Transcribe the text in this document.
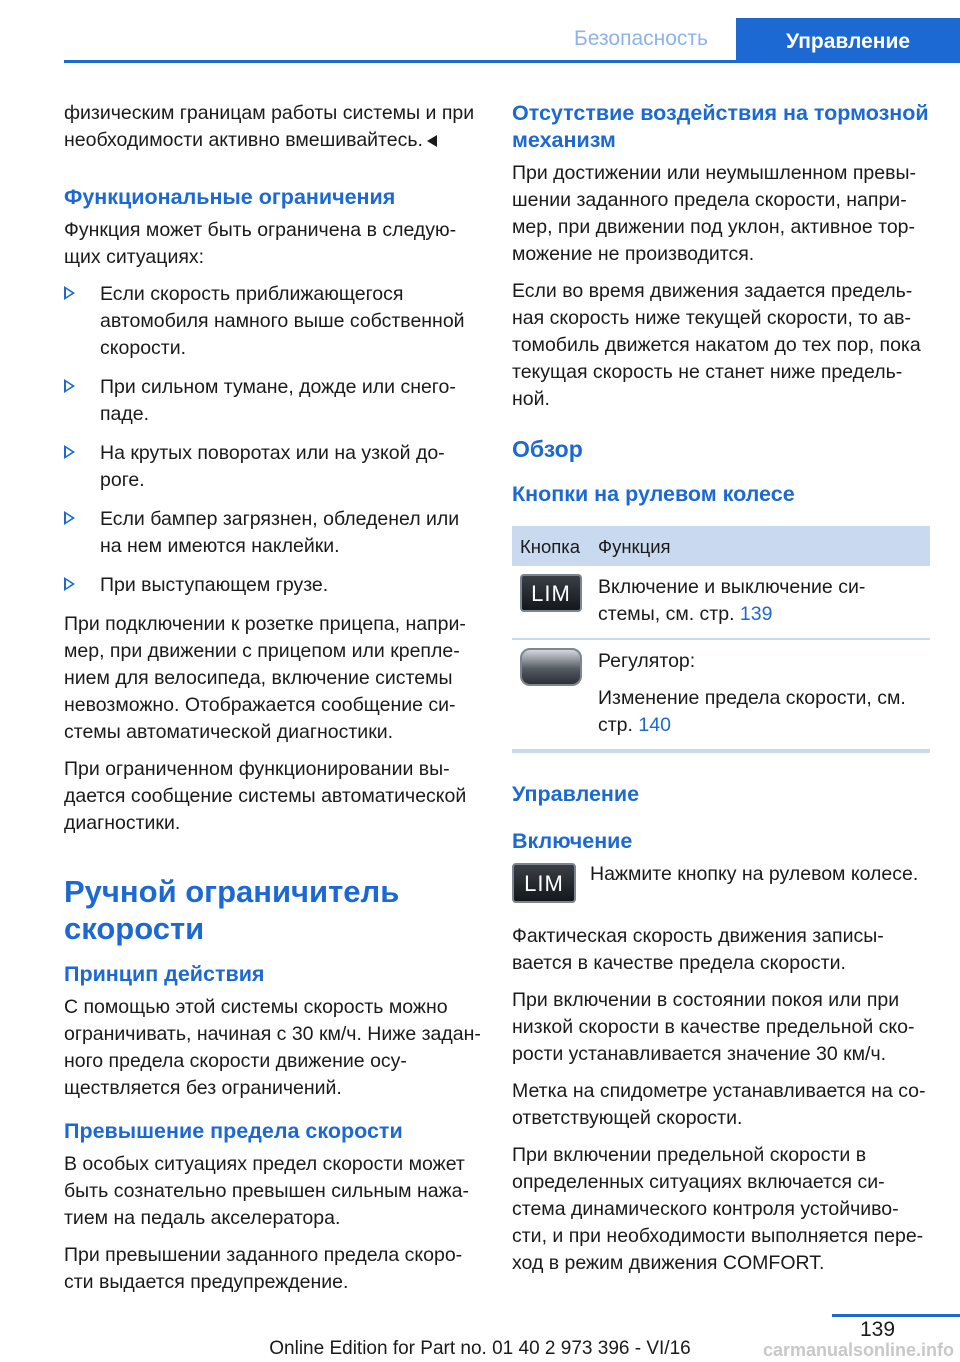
Безопасность	Управление

физическим границам работы системы и при необходимости активно вмешивайтесь.

Функциональные ограничения

Функция может быть ограничена в следую-щих ситуациях:

Если скорость приближающегося автомобиля намного выше собственной скорости.
При сильном тумане, дожде или снего-паде.
На крутых поворотах или на узкой до-роге.
Если бампер загрязнен, обледенел или на нем имеются наклейки.
При выступающем грузе.

При подключении к розетке прицепа, напри-мер, при движении с прицепом или крепле-нием для велосипеда, включение системы невозможно. Отображается сообщение си-стемы автоматической диагностики.

При ограниченном функционировании вы-дается сообщение системы автоматической диагностики.

Ручной ограничитель скорости
Принцип действия

С помощью этой системы скорость можно ограничивать, начиная с 30 км/ч. Ниже задан-ного предела скорости движение осу-ществляется без ограничений.

Превышение предела скорости

В особых ситуациях предел скорости может быть сознательно превышен сильным нажа-тием на педаль акселератора.

При превышении заданного предела скоро-сти выдается предупреждение.

Отсутствие воздействия на тормозной механизм

При достижении или неумышленном превы-шении заданного предела скорости, напри-мер, при движении под уклон, активное тор-можение не производится.

Если во время движения задается предель-ная скорость ниже текущей скорости, то ав-томобиль движется накатом до тех пор, пока текущая скорость не станет ниже предель-ной.

Обзор
Кнопки на рулевом колесе
Кнопка	Функция

LIM	Включение и выключение си-стемы, см. стр. 139

	Регулятор:
Изменение предела скорости, см. стр. 140
Управление
Включение
LIM	Нажмите кнопку на рулевом колесе.

Фактическая скорость движения записы-вается в качестве предела скорости.

При включении в состоянии покоя или при низкой скорости в качестве предельной ско-рости устанавливается значение 30 км/ч.

Метка на спидометре устанавливается на со-ответствующей скорости.

При включении предельной скорости в определенных ситуациях включается си-стема динамического контроля устойчиво-сти, и при необходимости выполняется пере-ход в режим движения COMFORT.

139
Online Edition for Part no. 01 40 2 973 396 - VI/16	carmanualsonline.info
